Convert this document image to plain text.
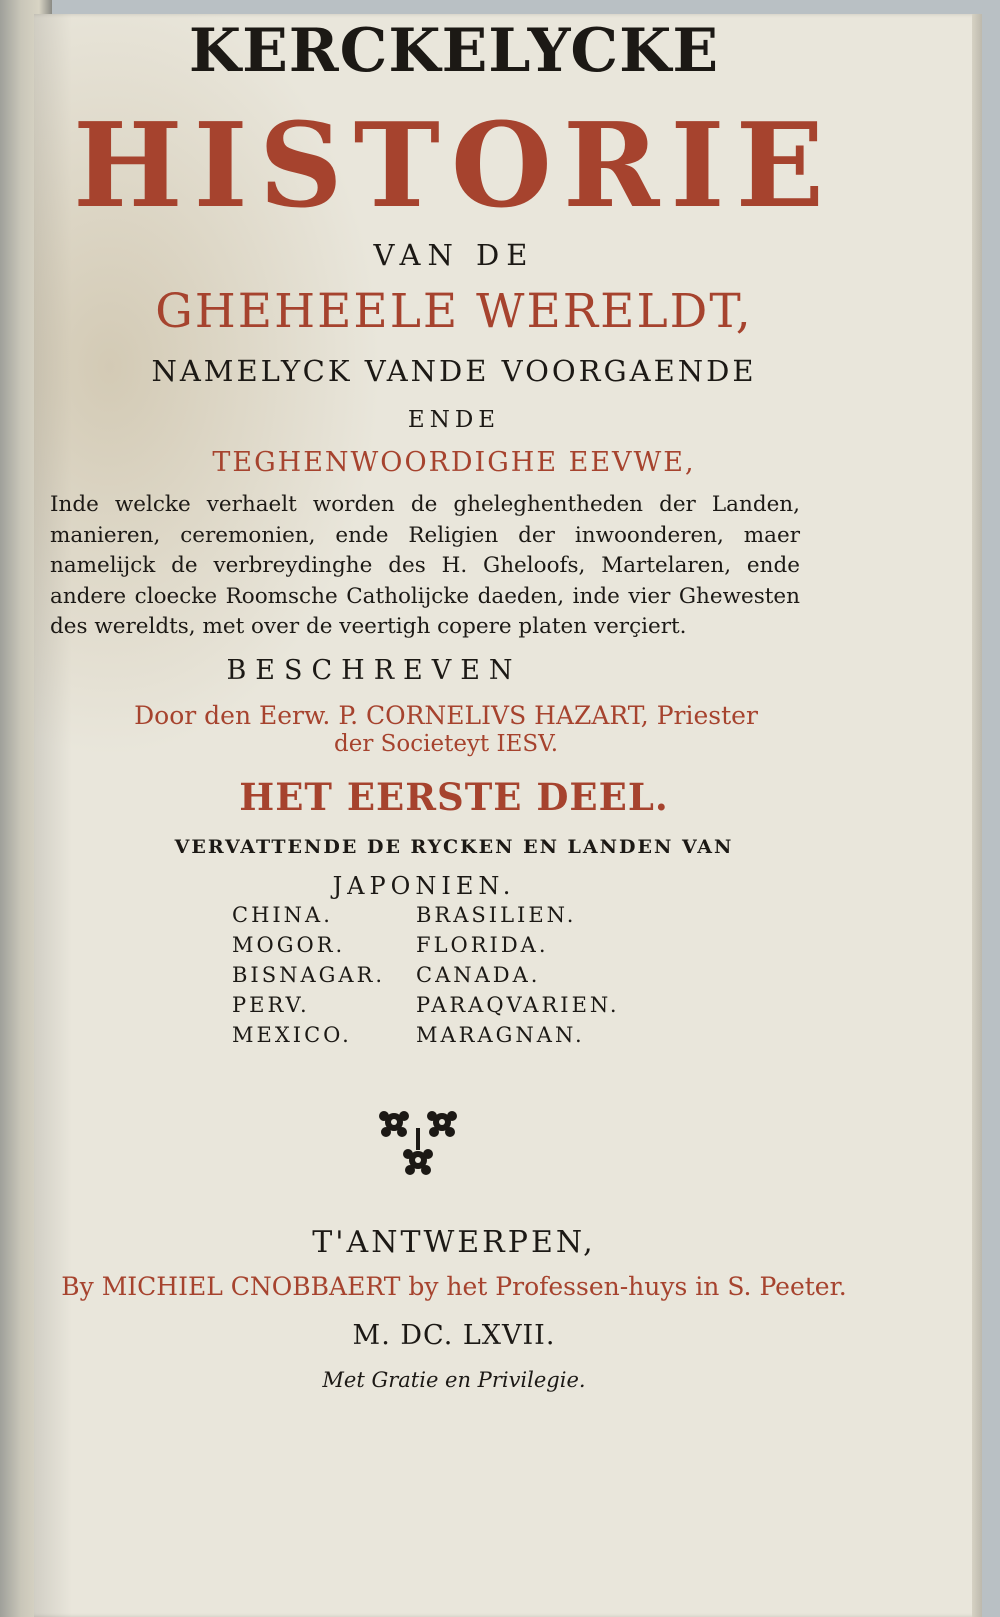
KERCKELYCKE
HISTORIE
VAN DE
GHEHEELE WERELDT,
NAMELYCK VANDE VOORGAENDE
ENDE
TEGHENWOORDIGHE EEVWE,
Inde welcke verhaelt worden de gheleghentheden der Landen, manieren, ceremonien, ende Religien der inwoonderen, maer namelijck de verbreydinghe des H. Gheloofs, Martelaren, ende andere cloecke Roomsche Catholijcke daeden, inde vier Ghewesten des wereldts, met over de veertigh copere platen verçiert.
BESCHREVEN
Door den Eerw. P. CORNELIVS HAZART, Priester
der Societeyt IESV.
HET EERSTE DEEL.
VERVATTENDE DE RYCKEN EN LANDEN VAN
JAPONIEN.
CHINA.
MOGOR.
BISNAGAR.
PERV.
MEXICO.
BRASILIEN.
FLORIDA.
CANADA.
PARAQVARIEN.
MARAGNAN.
T'ANTWERPEN,
By MICHIEL CNOBBAERT by het Professen-huys in S. Peeter.
M. DC. LXVII.
Met Gratie en Privilegie.
